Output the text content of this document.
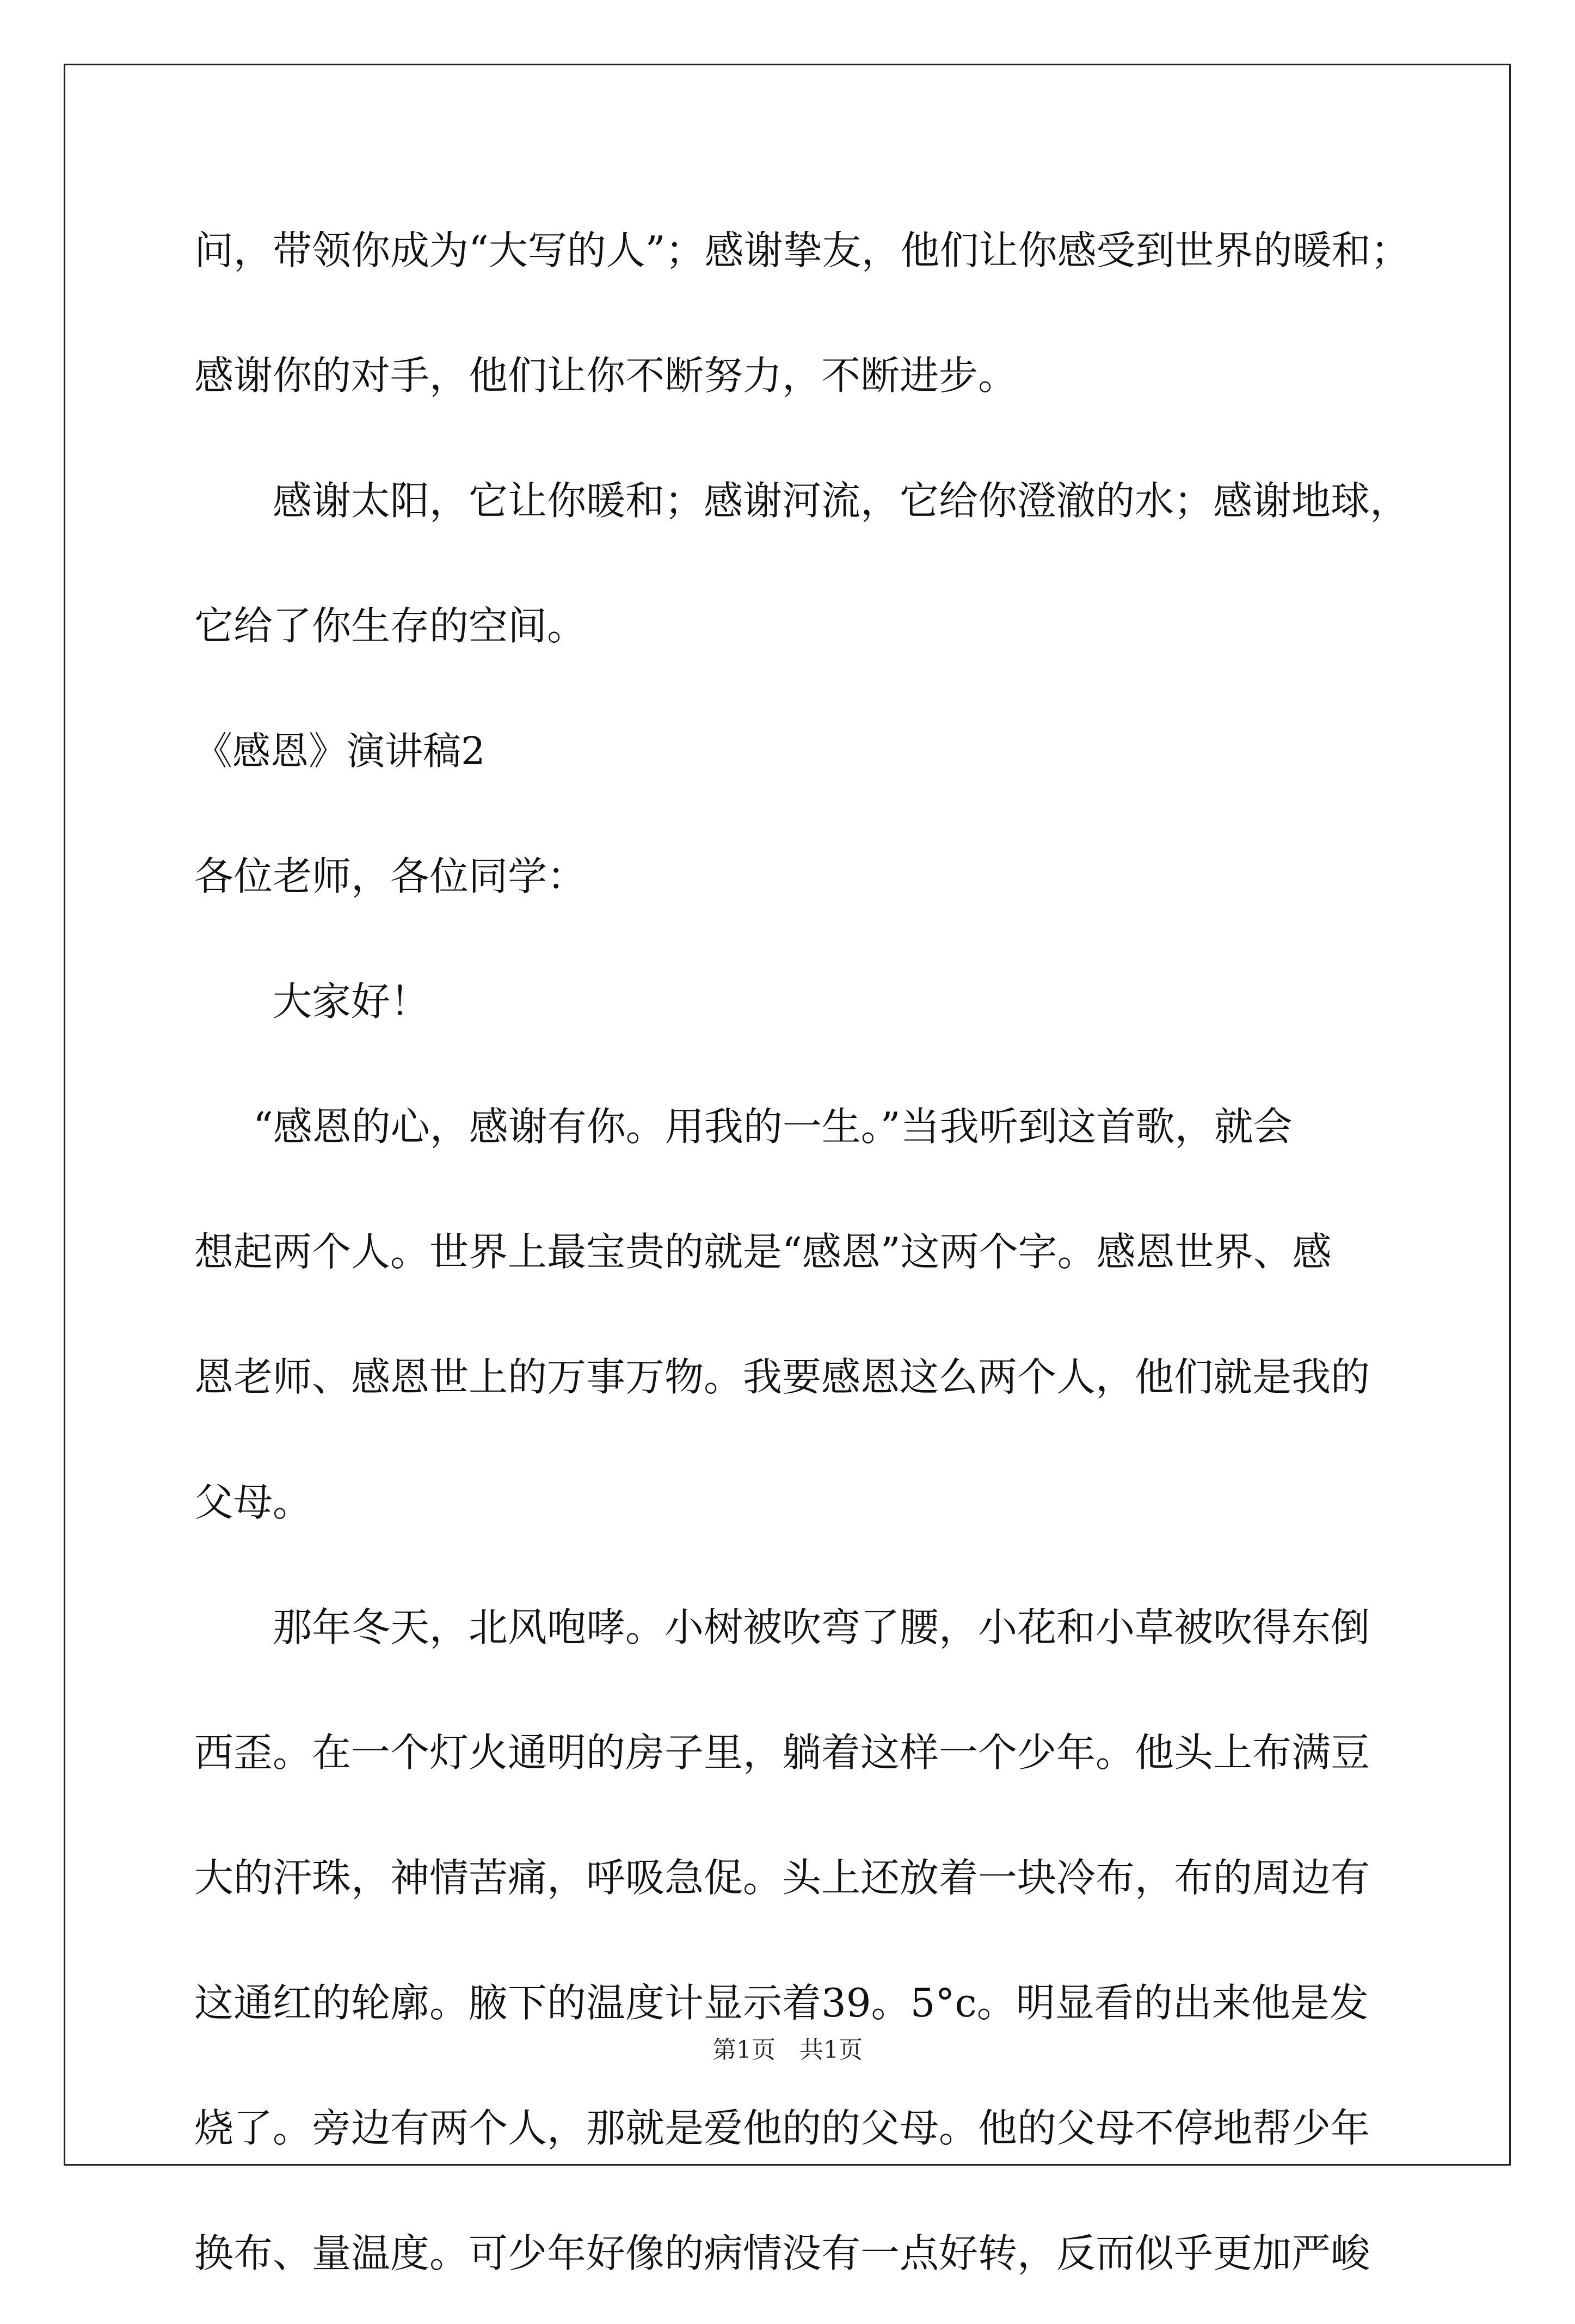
问，带领你成为“大写的人”；感谢挚友，他们让你感受到世界的暖和；
感谢你的对手，他们让你不断努力，不断进步。
感谢太阳，它让你暖和；感谢河流，它给你澄澈的水；感谢地球，
它给了你生存的空间。
《感恩》演讲稿2
各位老师，各位同学：
大家好！
“感恩的心，感谢有你。用我的一生。”当我听到这首歌，就会
想起两个人。世界上最宝贵的就是“感恩”这两个字。感恩世界、感
恩老师、感恩世上的万事万物。我要感恩这么两个人，他们就是我的
父母。
那年冬天，北风咆哮。小树被吹弯了腰，小花和小草被吹得东倒
西歪。在一个灯火通明的房子里，躺着这样一个少年。他头上布满豆
大的汗珠，神情苦痛，呼吸急促。头上还放着一块冷布，布的周边有
这通红的轮廓。腋下的温度计显示着39。5°c。明显看的出来他是发
烧了。旁边有两个人，那就是爱他的的父母。他的父母不停地帮少年
换布、量温度。可少年好像的病情没有一点好转，反而似乎更加严峻
第1页　共1页
